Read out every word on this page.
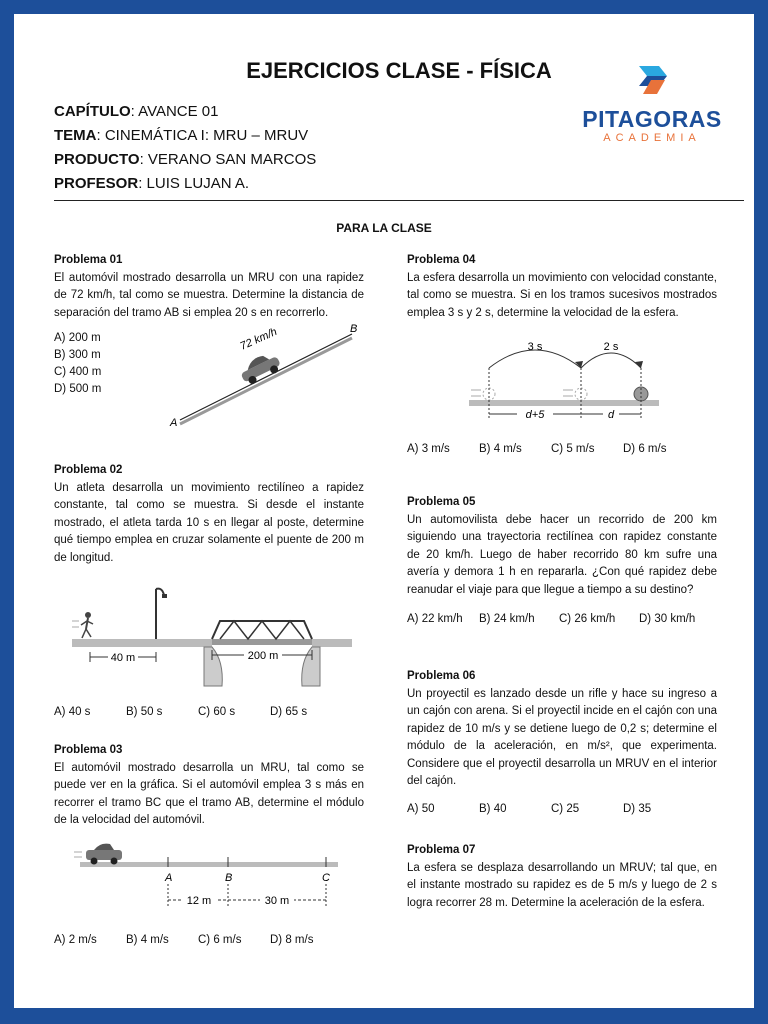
EJERCICIOS CLASE - FÍSICA
CAPÍTULO: AVANCE 01
TEMA: CINEMÁTICA I: MRU – MRUV
PRODUCTO: VERANO SAN MARCOS
PROFESOR: LUIS LUJAN A.
PITAGORAS
ACADEMIA
PARA LA CLASE
Problema 01

El automóvil mostrado desarrolla un MRU con una rapidez de 72 km/h, tal como se muestra. Determine la distancia de separación del tramo AB si emplea 20 s en recorrerlo.

A) 200 m
B) 300 m
C) 400 m
D) 500 m
72 km/h
A
B
Problema 02

Un atleta desarrolla un movimiento rectilíneo a rapidez constante, tal como se muestra. Si desde el instante mostrado, el atleta tarda 10 s en llegar al poste, determine qué tiempo emplea en cruzar solamente el puente de 200 m de longitud.

40 m	200 m
A) 40 s	B) 50 s	C) 60 s	D) 65 s
Problema 03

El automóvil mostrado desarrolla un MRU, tal como se puede ver en la gráfica. Si el automóvil emplea 3 s más en recorrer el tramo BC que el tramo AB, determine el módulo de la velocidad del automóvil.

A	B	C
12 m	30 m
A) 2 m/s	B) 4 m/s	C) 6 m/s	D) 8 m/s
Problema 04

La esfera desarrolla un movimiento con velocidad constante, tal como se muestra. Si en los tramos sucesivos mostrados emplea 3 s y 2 s, determine la velocidad de la esfera.

3 s	2 s
d+5	d
A) 3 m/s	B) 4 m/s	C) 5 m/s	D) 6 m/s
Problema 05

Un automovilista debe hacer un recorrido de 200 km siguiendo una trayectoria rectilínea con rapidez constante de 20 km/h. Luego de haber recorrido 80 km sufre una avería y demora 1 h en repararla. ¿Con qué rapidez debe reanudar el viaje para que llegue a tiempo a su destino?

A) 22 km/h	B) 24 km/h	C) 26 km/h	D) 30 km/h
Problema 06

Un proyectil es lanzado desde un rifle y hace su ingreso a un cajón con arena. Si el proyectil incide en el cajón con una rapidez de 10 m/s y se detiene luego de 0,2 s; determine el módulo de la aceleración, en m/s², que experimenta. Considere que el proyectil desarrolla un MRUV en el interior del cajón.

A) 50	B) 40	C) 25	D) 35
Problema 07

La esfera se desplaza desarrollando un MRUV; tal que, en el instante mostrado su rapidez es de 5 m/s y luego de 2 s logra recorrer 28 m. Determine la aceleración de la esfera.
